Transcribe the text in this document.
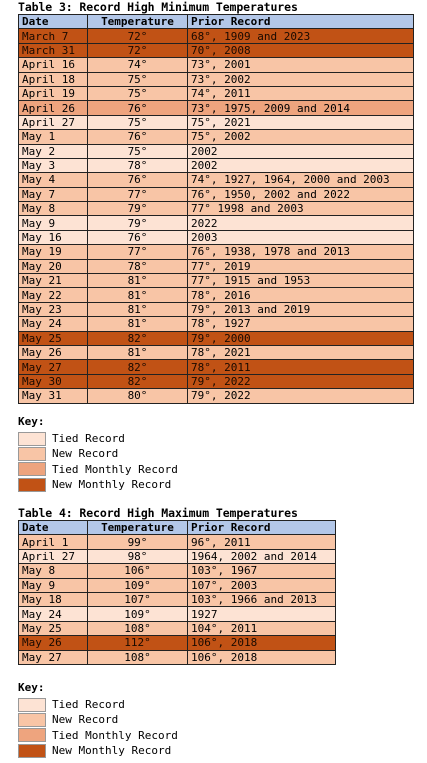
Table 3: Record High Minimum Temperatures
Date	Temperature	Prior Record
March 7	72°	68°, 1909 and 2023
March 31	72°	70°, 2008
April 16	74°	73°, 2001
April 18	75°	73°, 2002
April 19	75°	74°, 2011
April 26	76°	73°, 1975, 2009 and 2014
April 27	75°	75°, 2021
May 1	76°	75°, 2002
May 2	75°	2002
May 3	78°	2002
May 4	76°	74°, 1927, 1964, 2000 and 2003
May 7	77°	76°, 1950, 2002 and 2022
May 8	79°	77° 1998 and 2003
May 9	79°	2022
May 16	76°	2003
May 19	77°	76°, 1938, 1978 and 2013
May 20	78°	77°, 2019
May 21	81°	77°, 1915 and 1953
May 22	81°	78°, 2016
May 23	81°	79°, 2013 and 2019
May 24	81°	78°, 1927
May 25	82°	79°, 2000
May 26	81°	78°, 2021
May 27	82°	78°, 2011
May 30	82°	79°, 2022
May 31	80°	79°, 2022
Key:
Tied Record
New Record
Tied Monthly Record
New Monthly Record
Table 4: Record High Maximum Temperatures
Date	Temperature	Prior Record
April 1	99°	96°, 2011
April 27	98°	1964, 2002 and 2014
May 8	106°	103°, 1967
May 9	109°	107°, 2003
May 18	107°	103°, 1966 and 2013
May 24	109°	1927
May 25	108°	104°, 2011
May 26	112°	106°, 2018
May 27	108°	106°, 2018
Key:
Tied Record
New Record
Tied Monthly Record
New Monthly Record
